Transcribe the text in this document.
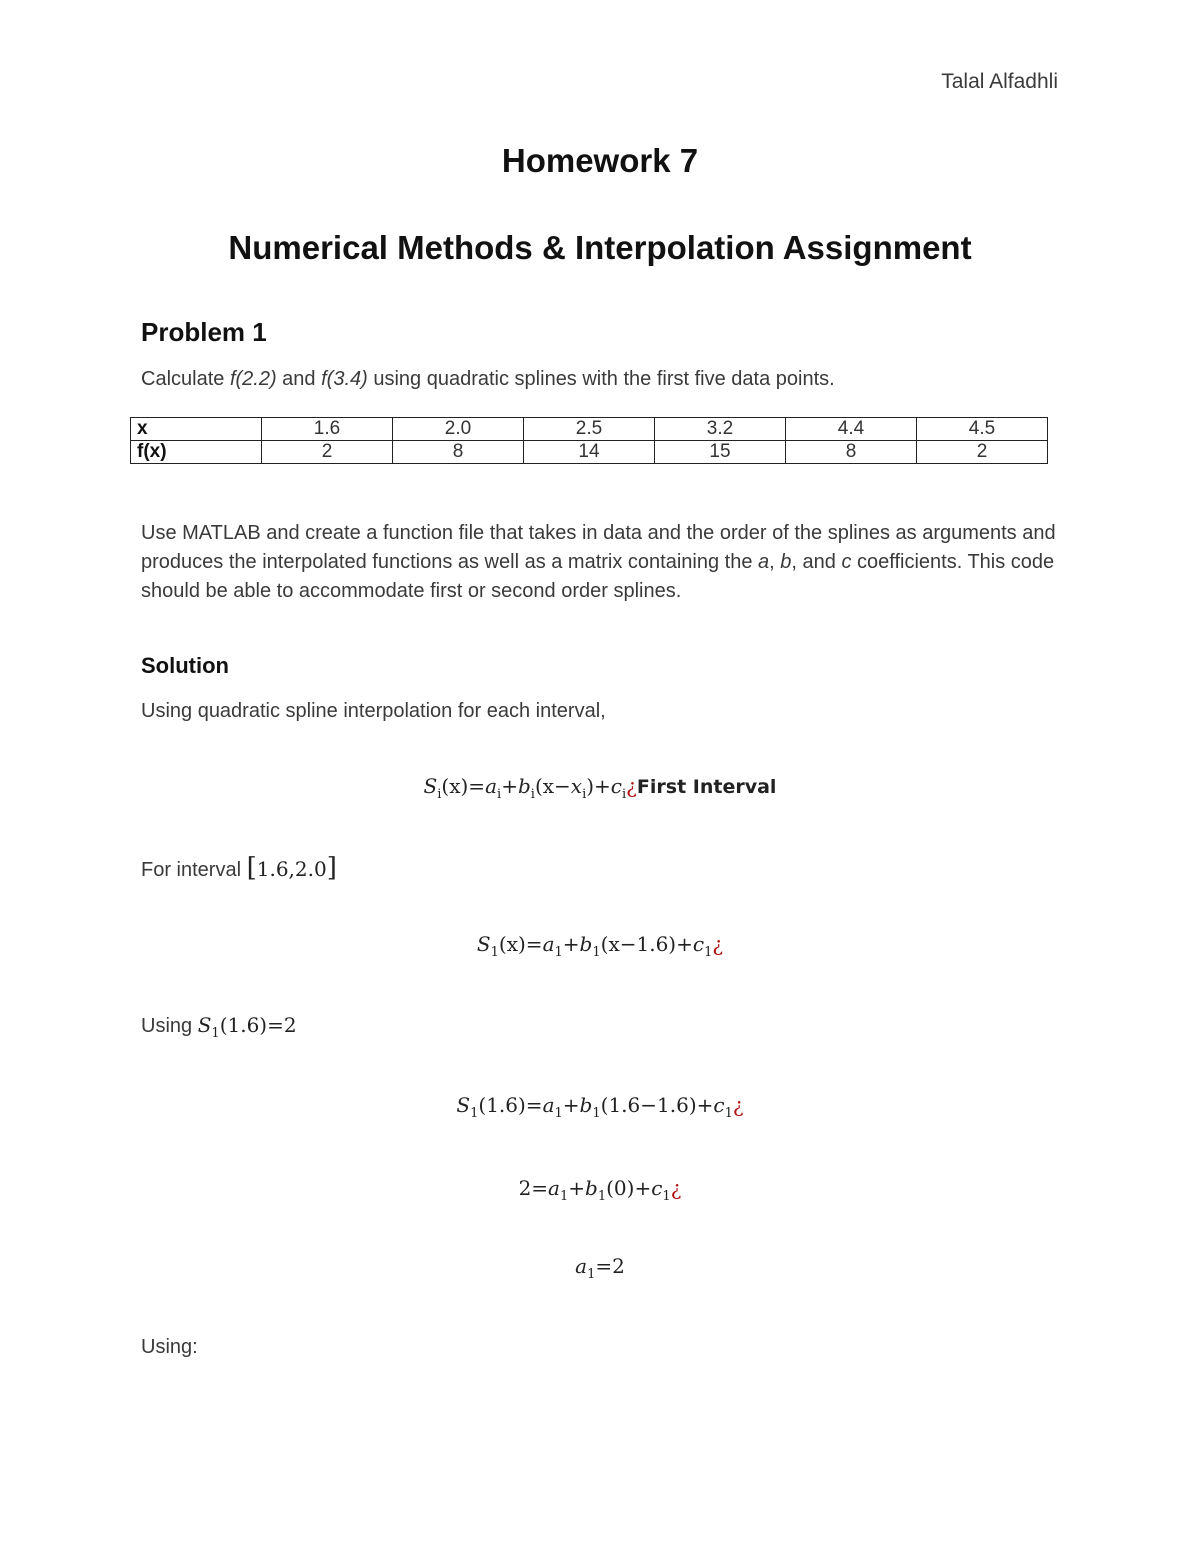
Talal Alfadhli
Homework 7
Numerical Methods & Interpolation Assignment
Problem 1
Calculate f(2.2) and f(3.4) using quadratic splines with the first five data points.
x	1.6	2.0	2.5	3.2	4.4	4.5
f(x)	2	8	14	15	8	2
Use MATLAB and create a function file that takes in data and the order of the splines as arguments and produces the interpolated functions as well as a matrix containing the a, b, and c coefficients. This code should be able to accommodate first or second order splines.
Solution
Using quadratic spline interpolation for each interval,
$S_i(x)=a_i+b_i(x-x_i)+c_i¿First$ Interval
For interval [1.6,2.0]
$S_1(x)=a_1+b_1(x-1.6)+c_1¿$
Using $S_1(1.6)=2$
$S_1(1.6)=a_1+b_1(1.6-1.6)+c_1¿$
$2=a_1+b_1(0)+c_1¿$
$a_1=2$
Using:
